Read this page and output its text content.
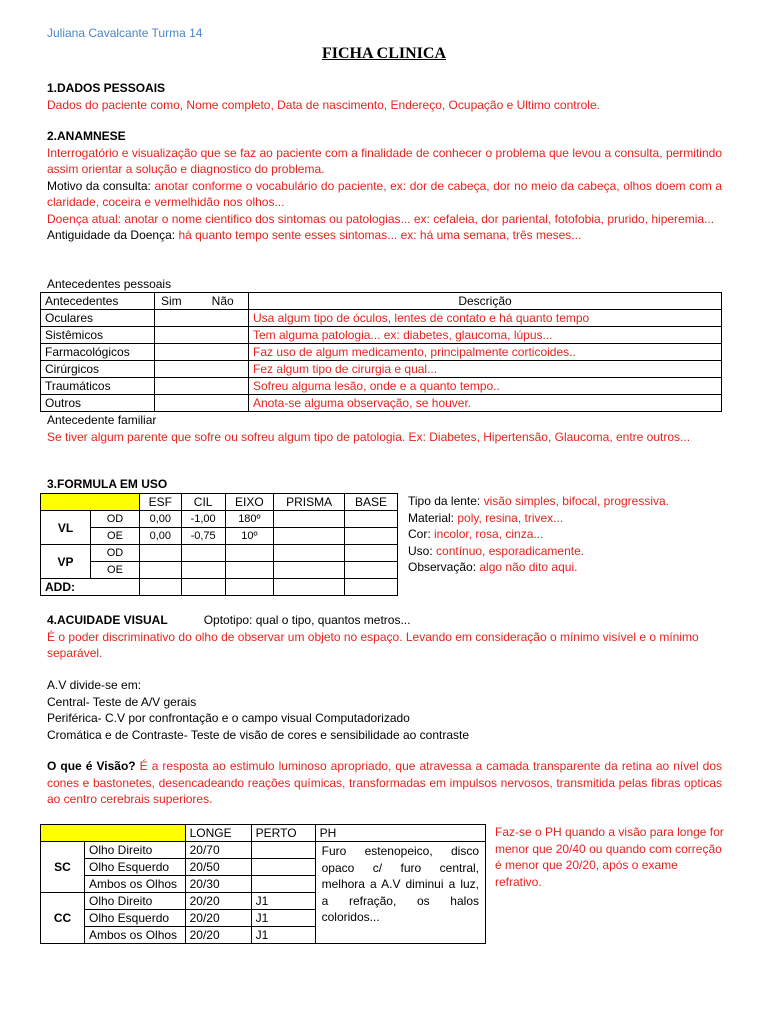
Juliana Cavalcante Turma 14
FICHA CLINICA
1.DADOS PESSOAIS
Dados do paciente como, Nome completo, Data de nascimento, Endereço, Ocupação e Ultimo controle.
2.ANAMNESE
Interrogatório e visualização que se faz ao paciente com a finalidade de conhecer o problema que levou a consulta, permitindo assim orientar a solução e diagnostico do problema.
Motivo da consulta: anotar conforme o vocabulário do paciente, ex: dor de cabeça, dor no meio da cabeça, olhos doem com a claridade, coceira e vermelhidão nos olhos...
Doença atual: anotar o nome cientifico dos sintomas ou patologias... ex: cefaleia, dor pariental, fotofobia, prurido, hiperemia...
Antiguidade da Doença: há quanto tempo sente esses sintomas... ex: há uma semana, três meses...
Antecedentes pessoais
Antecedentes	Sim Não	Descrição
Oculares		Usa algum tipo de óculos, lentes de contato e há quanto tempo
Sistêmicos		Tem alguma patologia... ex: diabetes, glaucoma, lúpus...
Farmacológicos		Faz uso de algum medicamento, principalmente corticoides..
Cirúrgicos		Fez algum tipo de cirurgia e qual...
Traumáticos		Sofreu alguma lesão, onde e a quanto tempo..
Outros		Anota-se alguma observação, se houver.
Antecedente familiar
Se tiver algum parente que sofre ou sofreu algum tipo de patologia. Ex: Diabetes, Hipertensão, Glaucoma, entre outros...
3.FORMULA EM USO
		ESF	CIL	EIXO	PRISMA	BASE
VL	OD	0,00	-1,00	180º		
	OE	0,00	-0,75	10º		
VP	OD					
	OE					
ADD:						
Tipo da lente: visão simples, bifocal, progressiva.
Material: poly, resina, trivex...
Cor: incolor, rosa, cinza...
Uso: contínuo, esporadicamente.
Observação: algo não dito aqui.
4.ACUIDADE VISUAL	Optotipo: qual o tipo, quantos metros...
É o poder discriminativo do olho de observar um objeto no espaço. Levando em consideração o mínimo visível e o mínimo separável.
A.V divide-se em:
Central- Teste de A/V gerais
Periférica- C.V por confrontação e o campo visual Computadorizado
Cromática e de Contraste- Teste de visão de cores e sensibilidade ao contraste
O que é Visão? É a resposta ao estimulo luminoso apropriado, que atravessa a camada transparente da retina ao nível dos cones e bastonetes, desencadeando reações químicas, transformadas em impulsos nervosos, transmitida pelas fibras opticas ao centro cerebrais superiores.
		LONGE	PERTO	PH
SC	Olho Direito	20/70		Furo estenopeico, disco opaco c/ furo central, melhora a A.V diminui a luz, a refração, os halos coloridos...
	Olho Esquerdo	20/50		
	Ambos os Olhos	20/30		
CC	Olho Direito	20/20	J1	
	Olho Esquerdo	20/20	J1	
	Ambos os Olhos	20/20	J1	
Faz-se o PH quando a visão para longe for menor que 20/40 ou quando com correção é menor que 20/20, após o exame refrativo.
